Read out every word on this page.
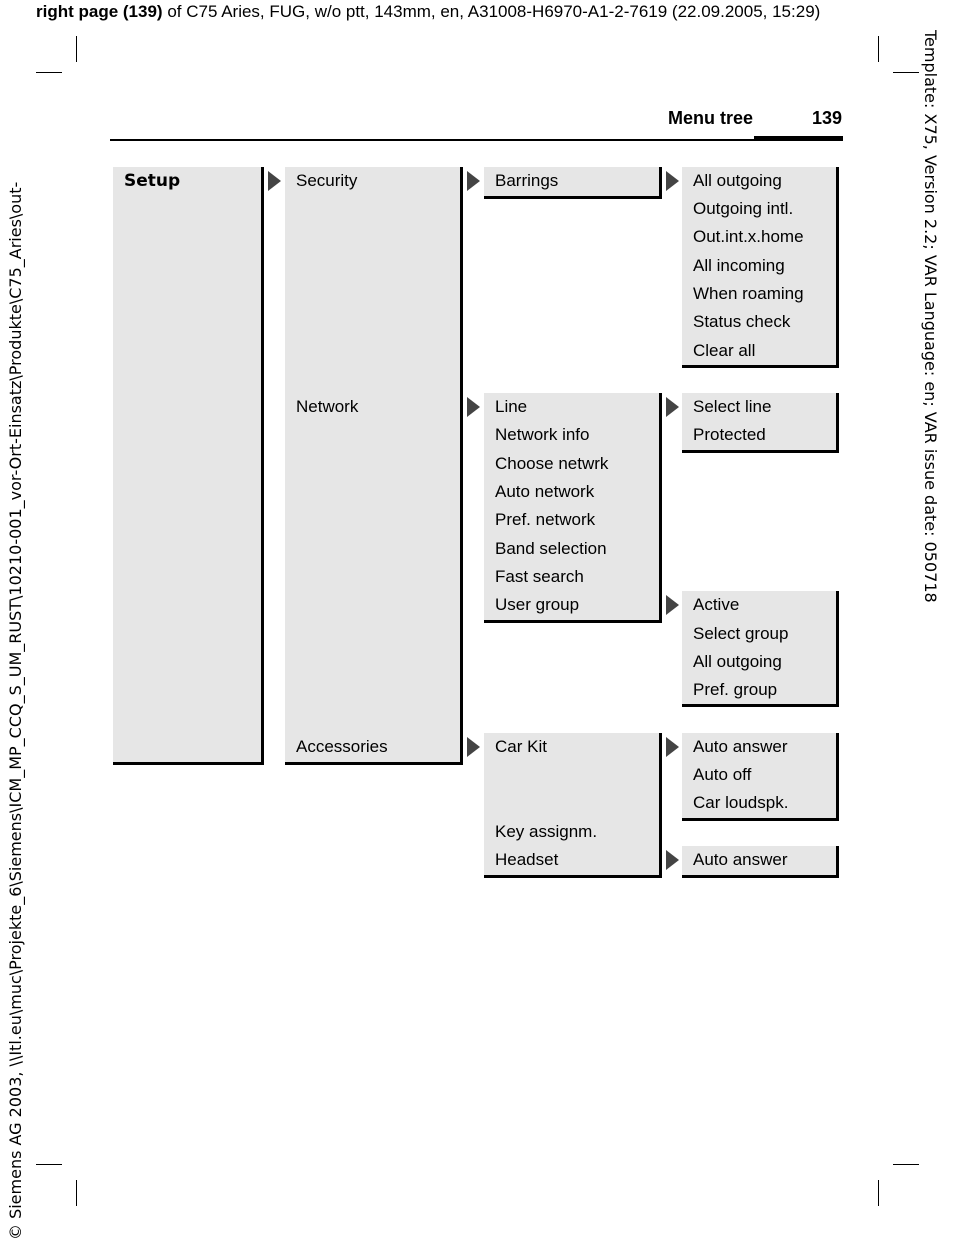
right page (139) of C75 Aries, FUG, w/o ptt, 143mm, en, A31008-H6970-A1-2-7619 (22.09.2005, 15:29)
Template: X75, Version 2.2; VAR Language: en; VAR issue date: 050718
© Siemens AG 2003, \\Itl.eu\muc\Projekte_6\Siemens\ICM_MP_CCQ_S_UM_RUST\10210-001_vor-Ort-Einsatz\Produkte\C75_Aries\out-
Menu tree	139
Setup	Security
Network
Accessories
Barrings	All outgoing
Outgoing intl.
Out.int.x.home
All incoming
When roaming
Status check
Clear all
Line
Network info
Choose netwrk
Auto network
Pref. network
Band selection
Fast search
User group
Select line
Protected
Active
Select group
All outgoing
Pref. group
Car Kit
Key assignm.
Headset
Auto answer
Auto off
Car loudspk.
Auto answer
